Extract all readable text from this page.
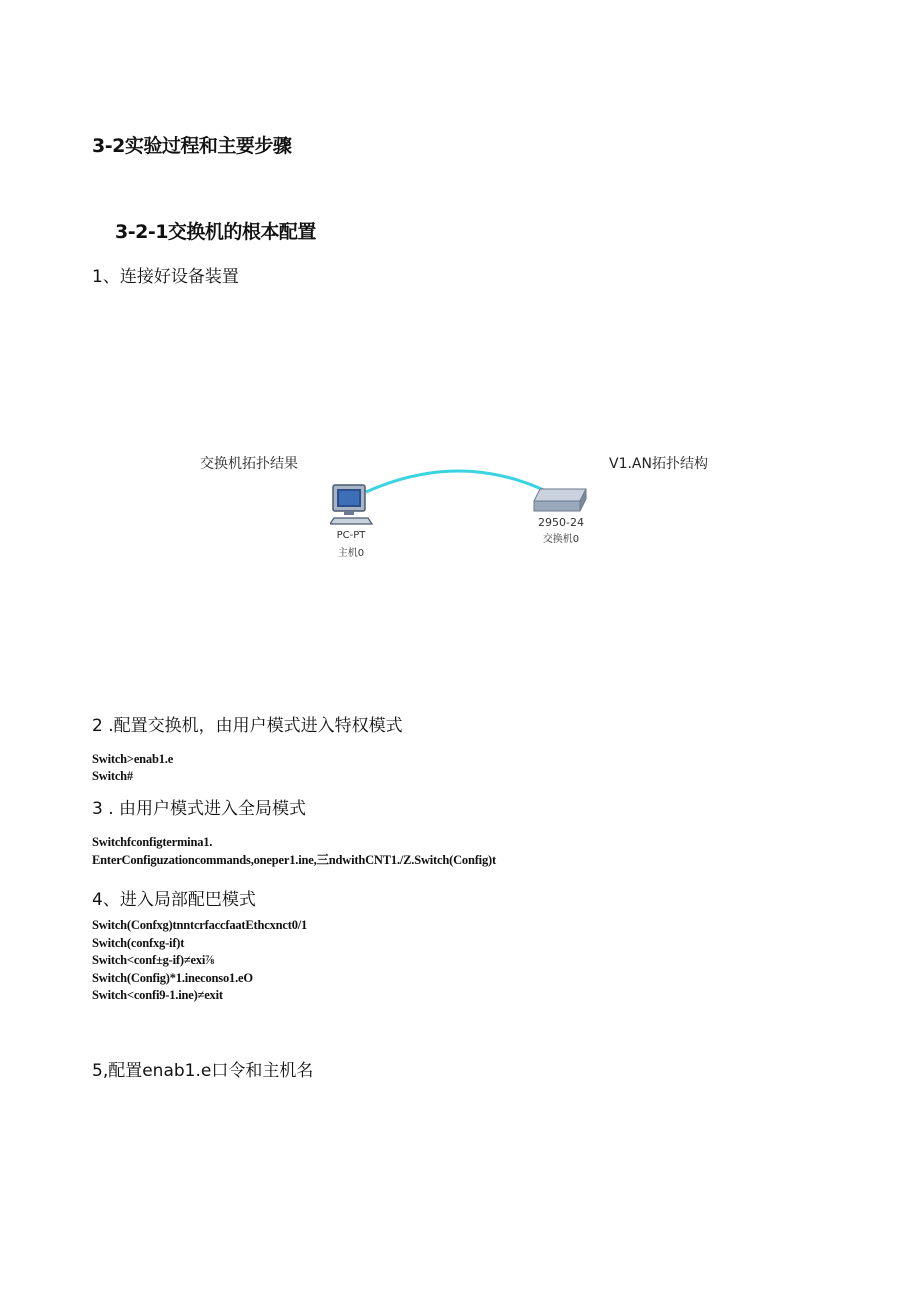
3-2实验过程和主要步骤
3-2-1交换机的根本配置
1、连接好设备装置
交换机拓扑结果	V1.AN拓扑结构
PC-PT
主机0
2950-24
交换机0
2 .配置交换机，由用户模式进入特权模式
Switch>enab1.e
Switch#
3 . 由用户模式进入全局模式
Switchfconfigtermina1.
EnterConfiguzationcommands,oneper1.ine,三ndwithCNT1./Z.Switch(Config)t
4、进入局部配巴模式
Switch(Confxg)tnntcrfaccfaatEthcxnct0/1
Switch(confxg-if)t
Switch<conf±g-if)≠exi⅞
Switch(Config)*1.ineconso1.eO
Switch<confi9-1.ine)≠exit
5,配置enab1.e口令和主机名
